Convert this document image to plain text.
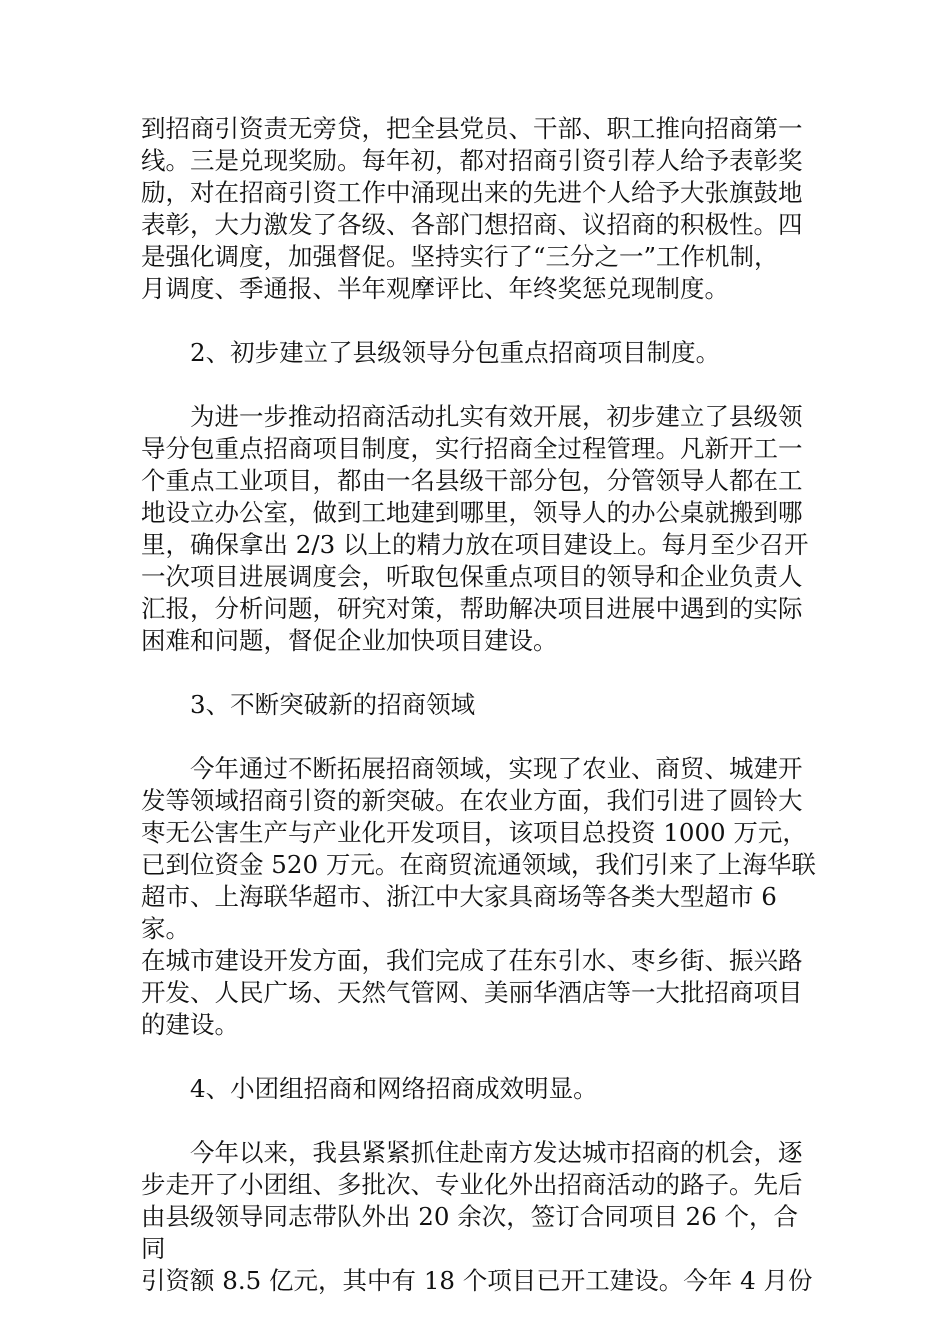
到招商引资责无旁贷，把全县党员、干部、职工推向招商第一
线。三是兑现奖励。每年初，都对招商引资引荐人给予表彰奖
励，对在招商引资工作中涌现出来的先进个人给予大张旗鼓地
表彰，大力激发了各级、各部门想招商、议招商的积极性。四
是强化调度，加强督促。坚持实行了“三分之一”工作机制，
月调度、季通报、半年观摩评比、年终奖惩兑现制度。

2、初步建立了县级领导分包重点招商项目制度。

为进一步推动招商活动扎实有效开展，初步建立了县级领
导分包重点招商项目制度，实行招商全过程管理。凡新开工一
个重点工业项目，都由一名县级干部分包，分管领导人都在工
地设立办公室，做到工地建到哪里，领导人的办公桌就搬到哪
里，确保拿出 2/3 以上的精力放在项目建设上。每月至少召开
一次项目进展调度会，听取包保重点项目的领导和企业负责人
汇报，分析问题，研究对策，帮助解决项目进展中遇到的实际
困难和问题，督促企业加快项目建设。

3、不断突破新的招商领域

今年通过不断拓展招商领域，实现了农业、商贸、城建开
发等领域招商引资的新突破。在农业方面，我们引进了圆铃大
枣无公害生产与产业化开发项目，该项目总投资 1000 万元，
已到位资金 520 万元。在商贸流通领域，我们引来了上海华联
超市、上海联华超市、浙江中大家具商场等各类大型超市 6 家。
在城市建设开发方面，我们完成了茌东引水、枣乡街、振兴路
开发、人民广场、天然气管网、美丽华酒店等一大批招商项目
的建设。

4、小团组招商和网络招商成效明显。

今年以来，我县紧紧抓住赴南方发达城市招商的机会，逐
步走开了小团组、多批次、专业化外出招商活动的路子。先后
由县级领导同志带队外出 20 余次，签订合同项目 26 个，合同
引资额 8.5 亿元，其中有 18 个项目已开工建设。今年 4 月份
